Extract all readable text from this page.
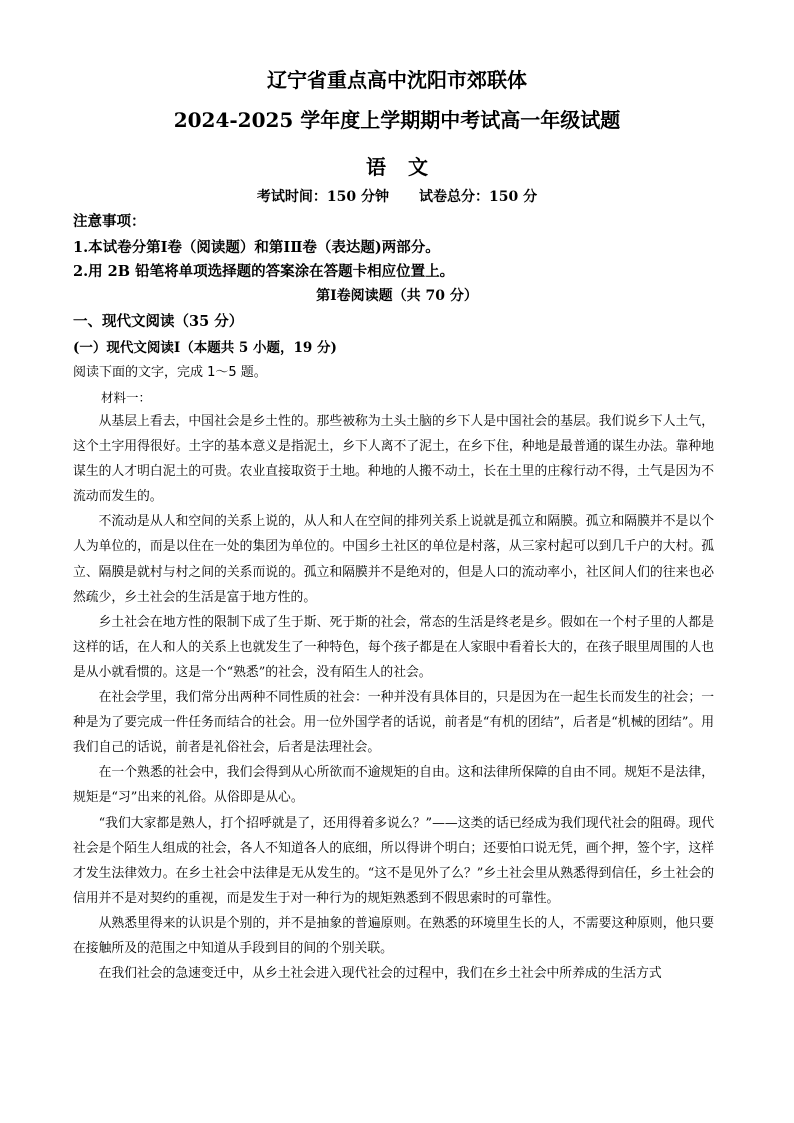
辽宁省重点高中沈阳市郊联体
2024-2025 学年度上学期期中考试高一年级试题
语 文
考试时间：150 分钟 试卷总分：150 分
注意事项：
1.本试卷分第Ⅰ卷（阅读题）和第ⅠⅡ卷（表达题)两部分。
2.用 2B 铅笔将单项选择题的答案涂在答题卡相应位置上。
第Ⅰ卷阅读题（共 70 分）
一、现代文阅读（35 分）
(一）现代文阅读Ⅰ（本题共 5 小题，19 分)
阅读下面的文字，完成 1～5 题。
材料一：

从基层上看去，中国社会是乡土性的。那些被称为土头土脑的乡下人是中国社会的基层。我们说乡下人土气，这个土字用得很好。土字的基本意义是指泥土，乡下人离不了泥土，在乡下住，种地是最普通的谋生办法。靠种地谋生的人才明白泥土的可贵。农业直接取资于土地。种地的人搬不动土，长在土里的庄稼行动不得，土气是因为不流动而发生的。

不流动是从人和空间的关系上说的，从人和人在空间的排列关系上说就是孤立和隔膜。孤立和隔膜并不是以个人为单位的，而是以住在一处的集团为单位的。中国乡土社区的单位是村落，从三家村起可以到几千户的大村。孤立、隔膜是就村与村之间的关系而说的。孤立和隔膜并不是绝对的，但是人口的流动率小，社区间人们的往来也必然疏少，乡土社会的生活是富于地方性的。

乡土社会在地方性的限制下成了生于斯、死于斯的社会，常态的生活是终老是乡。假如在一个村子里的人都是这样的话，在人和人的关系上也就发生了一种特色，每个孩子都是在人家眼中看着长大的，在孩子眼里周围的人也是从小就看惯的。这是一个“熟悉”的社会，没有陌生人的社会。

在社会学里，我们常分出两种不同性质的社会：一种并没有具体目的，只是因为在一起生长而发生的社会；一种是为了要完成一件任务而结合的社会。用一位外国学者的话说，前者是“有机的团结”，后者是“机械的团结”。用我们自己的话说，前者是礼俗社会，后者是法理社会。

在一个熟悉的社会中，我们会得到从心所欲而不逾规矩的自由。这和法律所保障的自由不同。规矩不是法律，规矩是“习”出来的礼俗。从俗即是从心。

“我们大家都是熟人，打个招呼就是了，还用得着多说么？”——这类的话已经成为我们现代社会的阻碍。现代社会是个陌生人组成的社会，各人不知道各人的底细，所以得讲个明白；还要怕口说无凭，画个押，签个字，这样才发生法律效力。在乡土社会中法律是无从发生的。“这不是见外了么？”乡土社会里从熟悉得到信任，乡土社会的信用并不是对契约的重视，而是发生于对一种行为的规矩熟悉到不假思索时的可靠性。

从熟悉里得来的认识是个别的，并不是抽象的普遍原则。在熟悉的环境里生长的人，不需要这种原则，他只要在接触所及的范围之中知道从手段到目的间的个别关联。

在我们社会的急速变迁中，从乡土社会进入现代社会的过程中，我们在乡土社会中所养成的生活方式
